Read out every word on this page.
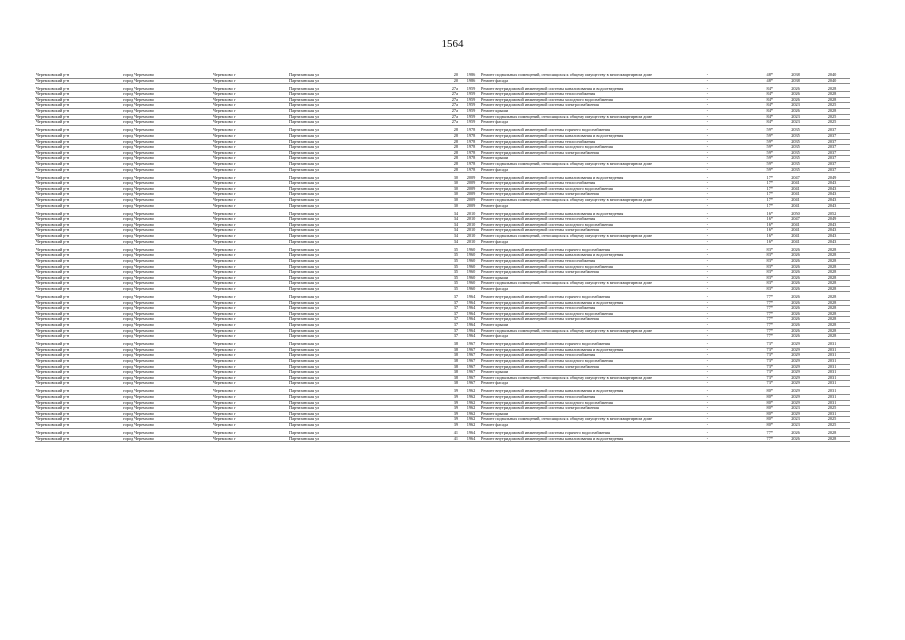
1564
Черемховский р-н	город Черемхово	Черемхово г	Партизанская ул	20	1986	Ремонт подвальных помещений, относящихся к общему имуществу в многоквартирном доме	-	48*	2038	2040
Черемховский р-н	город Черемхово	Черемхово г	Партизанская ул	20	1986	Ремонт фасада	-	48*	2038	2040

Черемховский р-н	город Черемхово	Черемхово г	Партизанская ул	27а	1959	Ремонт внутридомовой инженерной системы канализования и водоотведения	-	84*	2026	2028
Черемховский р-н	город Черемхово	Черемхово г	Партизанская ул	27а	1959	Ремонт внутридомовой инженерной системы теплоснабжения	-	84*	2026	2028
Черемховский р-н	город Черемхово	Черемхово г	Партизанская ул	27а	1959	Ремонт внутридомовой инженерной системы холодного водоснабжения	-	84*	2026	2028
Черемховский р-н	город Черемхово	Черемхово г	Партизанская ул	27а	1959	Ремонт внутридомовой инженерной системы электроснабжения	-	84*	2023	2025
Черемховский р-н	город Черемхово	Черемхово г	Партизанская ул	27а	1959	Ремонт крыши	-	84*	2026	2028
Черемховский р-н	город Черемхово	Черемхово г	Партизанская ул	27а	1959	Ремонт подвальных помещений, относящихся к общему имуществу в многоквартирном доме	-	84*	2023	2025
Черемховский р-н	город Черемхово	Черемхово г	Партизанская ул	27а	1959	Ремонт фасада	-	84*	2023	2025

Черемховский р-н	город Черемхово	Черемхово г	Партизанская ул	28	1978	Ремонт внутридомовой инженерной системы горячего водоснабжения	-	59*	2035	2037
Черемховский р-н	город Черемхово	Черемхово г	Партизанская ул	28	1978	Ремонт внутридомовой инженерной системы канализования и водоотведения	-	59*	2035	2037
Черемховский р-н	город Черемхово	Черемхово г	Партизанская ул	28	1978	Ремонт внутридомовой инженерной системы теплоснабжения	-	59*	2035	2037
Черемховский р-н	город Черемхово	Черемхово г	Партизанская ул	28	1978	Ремонт внутридомовой инженерной системы холодного водоснабжения	-	59*	2035	2037
Черемховский р-н	город Черемхово	Черемхово г	Партизанская ул	28	1978	Ремонт внутридомовой инженерной системы электроснабжения	-	59*	2035	2037
Черемховский р-н	город Черемхово	Черемхово г	Партизанская ул	28	1978	Ремонт крыши	-	59*	2035	2037
Черемховский р-н	город Черемхово	Черемхово г	Партизанская ул	28	1978	Ремонт подвальных помещений, относящихся к общему имуществу в многоквартирном доме	-	59*	2035	2037
Черемховский р-н	город Черемхово	Черемхово г	Партизанская ул	28	1978	Ремонт фасада	-	59*	2035	2037

Черемховский р-н	город Черемхово	Черемхово г	Партизанская ул	30	2009	Ремонт внутридомовой инженерной системы канализования и водоотведения	-	17*	2047	2049
Черемховский р-н	город Черемхово	Черемхово г	Партизанская ул	30	2009	Ремонт внутридомовой инженерной системы теплоснабжения	-	17*	2041	2043
Черемховский р-н	город Черемхово	Черемхово г	Партизанская ул	30	2009	Ремонт внутридомовой инженерной системы холодного водоснабжения	-	17*	2041	2043
Черемховский р-н	город Черемхово	Черемхово г	Партизанская ул	30	2009	Ремонт внутридомовой инженерной системы электроснабжения	-	17*	2041	2043
Черемховский р-н	город Черемхово	Черемхово г	Партизанская ул	30	2009	Ремонт подвальных помещений, относящихся к общему имуществу в многоквартирном доме	-	17*	2041	2043
Черемховский р-н	город Черемхово	Черемхово г	Партизанская ул	30	2009	Ремонт фасада	-	17*	2041	2043

Черемховский р-н	город Черемхово	Черемхово г	Партизанская ул	34	2010	Ремонт внутридомовой инженерной системы канализования и водоотведения	-	16*	2050	2052
Черемховский р-н	город Черемхово	Черемхово г	Партизанская ул	34	2010	Ремонт внутридомовой инженерной системы теплоснабжения	-	16*	2047	2049
Черемховский р-н	город Черемхово	Черемхово г	Партизанская ул	34	2010	Ремонт внутридомовой инженерной системы холодного водоснабжения	-	16*	2041	2043
Черемховский р-н	город Черемхово	Черемхово г	Партизанская ул	34	2010	Ремонт внутридомовой инженерной системы электроснабжения	-	16*	2041	2043
Черемховский р-н	город Черемхово	Черемхово г	Партизанская ул	34	2010	Ремонт подвальных помещений, относящихся к общему имуществу в многоквартирном доме	-	16*	2041	2043
Черемховский р-н	город Черемхово	Черемхово г	Партизанская ул	34	2010	Ремонт фасада	-	16*	2041	2043

Черемховский р-н	город Черемхово	Черемхово г	Партизанская ул	35	1960	Ремонт внутридомовой инженерной системы горячего водоснабжения	-	83*	2026	2028
Черемховский р-н	город Черемхово	Черемхово г	Партизанская ул	35	1960	Ремонт внутридомовой инженерной системы канализования и водоотведения	-	83*	2026	2028
Черемховский р-н	город Черемхово	Черемхово г	Партизанская ул	35	1960	Ремонт внутридомовой инженерной системы теплоснабжения	-	83*	2026	2028
Черемховский р-н	город Черемхово	Черемхово г	Партизанская ул	35	1960	Ремонт внутридомовой инженерной системы холодного водоснабжения	-	83*	2026	2028
Черемховский р-н	город Черемхово	Черемхово г	Партизанская ул	35	1960	Ремонт внутридомовой инженерной системы электроснабжения	-	83*	2026	2028
Черемховский р-н	город Черемхово	Черемхово г	Партизанская ул	35	1960	Ремонт крыши	-	83*	2026	2028
Черемховский р-н	город Черемхово	Черемхово г	Партизанская ул	35	1960	Ремонт подвальных помещений, относящихся к общему имуществу в многоквартирном доме	-	83*	2026	2028
Черемховский р-н	город Черемхово	Черемхово г	Партизанская ул	35	1960	Ремонт фасада	-	83*	2026	2028

Черемховский р-н	город Черемхово	Черемхово г	Партизанская ул	37	1964	Ремонт внутридомовой инженерной системы горячего водоснабжения	-	77*	2026	2028
Черемховский р-н	город Черемхово	Черемхово г	Партизанская ул	37	1964	Ремонт внутридомовой инженерной системы канализования и водоотведения	-	77*	2026	2028
Черемховский р-н	город Черемхово	Черемхово г	Партизанская ул	37	1964	Ремонт внутридомовой инженерной системы теплоснабжения	-	77*	2026	2028
Черемховский р-н	город Черемхово	Черемхово г	Партизанская ул	37	1964	Ремонт внутридомовой инженерной системы холодного водоснабжения	-	77*	2026	2028
Черемховский р-н	город Черемхово	Черемхово г	Партизанская ул	37	1964	Ремонт внутридомовой инженерной системы электроснабжения	-	77*	2026	2028
Черемховский р-н	город Черемхово	Черемхово г	Партизанская ул	37	1964	Ремонт крыши	-	77*	2026	2028
Черемховский р-н	город Черемхово	Черемхово г	Партизанская ул	37	1964	Ремонт подвальных помещений, относящихся к общему имуществу в многоквартирном доме	-	77*	2026	2028
Черемховский р-н	город Черемхово	Черемхово г	Партизанская ул	37	1964	Ремонт фасада	-	77*	2026	2028

Черемховский р-н	город Черемхово	Черемхово г	Партизанская ул	38	1967	Ремонт внутридомовой инженерной системы горячего водоснабжения	-	73*	2029	2031
Черемховский р-н	город Черемхово	Черемхово г	Партизанская ул	38	1967	Ремонт внутридомовой инженерной системы канализования и водоотведения	-	73*	2029	2031
Черемховский р-н	город Черемхово	Черемхово г	Партизанская ул	38	1967	Ремонт внутридомовой инженерной системы теплоснабжения	-	73*	2029	2031
Черемховский р-н	город Черемхово	Черемхово г	Партизанская ул	38	1967	Ремонт внутридомовой инженерной системы холодного водоснабжения	-	73*	2029	2031
Черемховский р-н	город Черемхово	Черемхово г	Партизанская ул	38	1967	Ремонт внутридомовой инженерной системы электроснабжения	-	73*	2029	2031
Черемховский р-н	город Черемхово	Черемхово г	Партизанская ул	38	1967	Ремонт крыши	-	73*	2029	2031
Черемховский р-н	город Черемхово	Черемхово г	Партизанская ул	38	1967	Ремонт подвальных помещений, относящихся к общему имуществу в многоквартирном доме	-	73*	2029	2031
Черемховский р-н	город Черемхово	Черемхово г	Партизанская ул	38	1967	Ремонт фасада	-	73*	2029	2031

Черемховский р-н	город Черемхово	Черемхово г	Партизанская ул	39	1962	Ремонт внутридомовой инженерной системы канализования и водоотведения	-	80*	2029	2031
Черемховский р-н	город Черемхово	Черемхово г	Партизанская ул	39	1962	Ремонт внутридомовой инженерной системы теплоснабжения	-	80*	2029	2031
Черемховский р-н	город Черемхово	Черемхово г	Партизанская ул	39	1962	Ремонт внутридомовой инженерной системы холодного водоснабжения	-	80*	2029	2031
Черемховский р-н	город Черемхово	Черемхово г	Партизанская ул	39	1962	Ремонт внутридомовой инженерной системы электроснабжения	-	80*	2023	2025
Черемховский р-н	город Черемхово	Черемхово г	Партизанская ул	39	1962	Ремонт крыши	-	80*	2029	2031
Черемховский р-н	город Черемхово	Черемхово г	Партизанская ул	39	1962	Ремонт подвальных помещений, относящихся к общему имуществу в многоквартирном доме	-	80*	2023	2025
Черемховский р-н	город Черемхово	Черемхово г	Партизанская ул	39	1962	Ремонт фасада	-	80*	2023	2025

Черемховский р-н	город Черемхово	Черемхово г	Партизанская ул	41	1964	Ремонт внутридомовой инженерной системы горячего водоснабжения	-	77*	2026	2028
Черемховский р-н	город Черемхово	Черемхово г	Партизанская ул	41	1964	Ремонт внутридомовой инженерной системы канализования и водоотведения	-	77*	2026	2028
